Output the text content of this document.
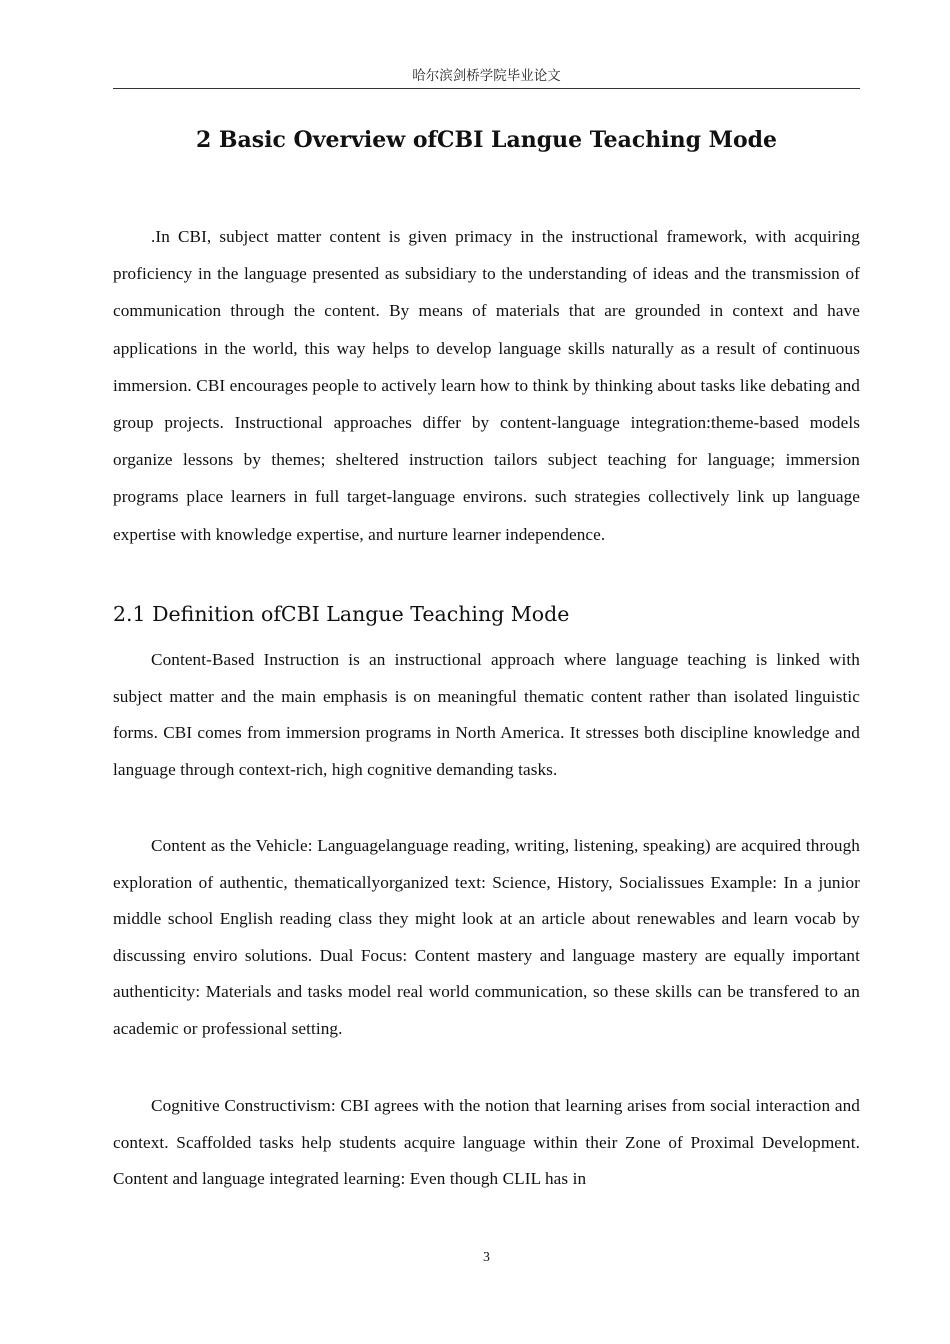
哈尔滨剑桥学院毕业论文
2 Basic Overview ofCBI Langue Teaching Mode

.In CBI, subject matter content is given primacy in the instructional framework, with acquiring proficiency in the language presented as subsidiary to the understanding of ideas and the transmission of communication through the content. By means of materials that are grounded in context and have applications in the world, this way helps to develop language skills naturally as a result of continuous immersion. CBI encourages people to actively learn how to think by thinking about tasks like debating and group projects. Instructional approaches differ by content-language integration:theme-based models organize lessons by themes; sheltered instruction tailors subject teaching for language; immersion programs place learners in full target-language environs. such strategies collectively link up language expertise with knowledge expertise, and nurture learner independence.

2.1 Definition ofCBI Langue Teaching Mode

Content-Based Instruction is an instructional approach where language teaching is linked with subject matter and the main emphasis is on meaningful thematic content rather than isolated linguistic forms. CBI comes from immersion programs in North America. It stresses both discipline knowledge and language through context-rich, high cognitive demanding tasks.

Content as the Vehicle: Languagelanguage reading, writing, listening, speaking) are acquired through exploration of authentic, thematicallyorganized text: Science, History, Socialissues Example: In a junior middle school English reading class they might look at an article about renewables and learn vocab by discussing enviro solutions. Dual Focus: Content mastery and language mastery are equally important authenticity: Materials and tasks model real world communication, so these skills can be transfered to an academic or professional setting.

Cognitive Constructivism: CBI agrees with the notion that learning arises from social interaction and context. Scaffolded tasks help students acquire language within their Zone of Proximal Development. Content and language integrated learning: Even though CLIL has in

3
